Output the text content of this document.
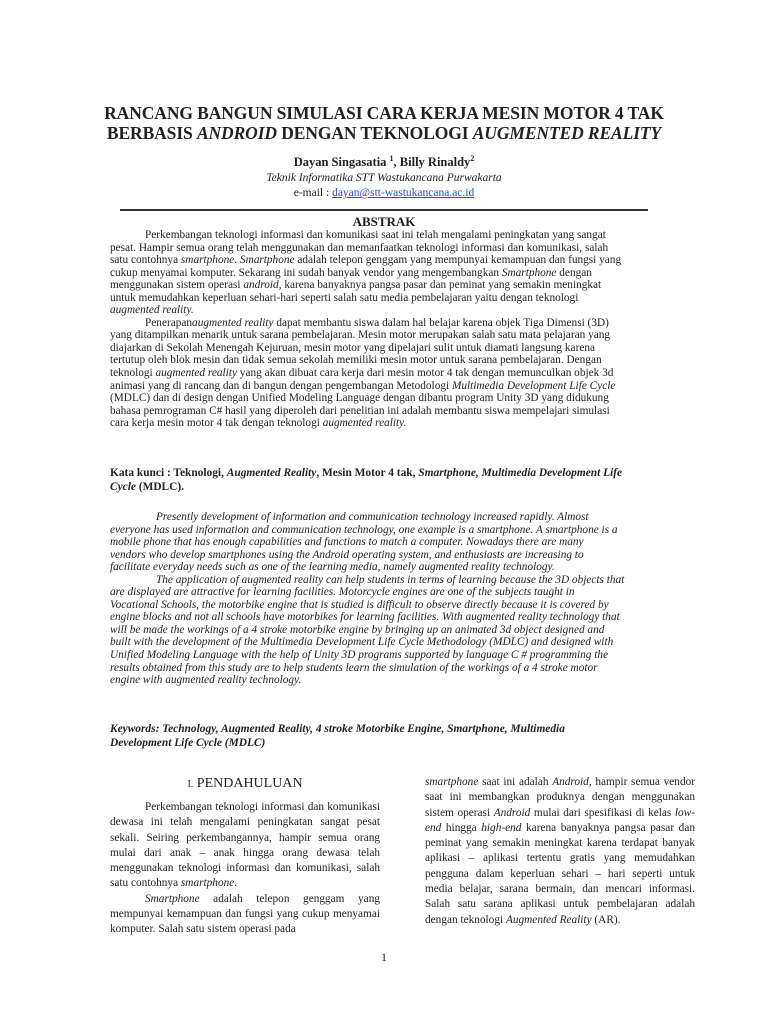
RANCANG BANGUN SIMULASI CARA KERJA MESIN MOTOR 4 TAK
BERBASIS ANDROID DENGAN TEKNOLOGI AUGMENTED REALITY
Dayan Singasatia $^1$, Billy Rinaldy$^2$
Teknik Informatika STT Wastukancana Purwakarta
e-mail : dayan@stt-wastukancana.ac.id
ABSTRAK

Perkembangan teknologi informasi dan komunikasi saat ini telah mengalami peningkatan yang sangat
pesat. Hampir semua orang telah menggunakan dan memanfaatkan teknologi informasi dan komunikasi, salah
satu contohnya smartphone. Smartphone adalah telepon genggam yang mempunyai kemampuan dan fungsi yang
cukup menyamai komputer. Sekarang ini sudah banyak vendor yang mengembangkan Smartphone dengan
menggunakan sistem operasi android, karena banyaknya pangsa pasar dan peminat yang semakin meningkat
untuk memudahkan keperluan sehari-hari seperti salah satu media pembelajaran yaitu dengan teknologi
augmented reality.

Penerapanaugmented reality dapat membantu siswa dalam hal belajar karena objek Tiga Dimensi (3D)
yang ditampilkan menarik untuk sarana pembelajaran. Mesin motor merupakan salah satu mata pelajaran yang
diajarkan di Sekolah Menengah Kejuruan, mesin motor yang dipelajari sulit untuk diamati langsung karena
tertutup oleh blok mesin dan tidak semua sekolah memiliki mesin motor untuk sarana pembelajaran. Dengan
teknologi augmented reality yang akan dibuat cara kerja dari mesin motor 4 tak dengan memunculkan objek 3d
animasi yang di rancang dan di bangun dengan pengembangan Metodologi Multimedia Development Life Cycle
(MDLC) dan di design dengan Unified Modeling Language dengan dibantu program Unity 3D yang didukung
bahasa pemrograman C# hasil yang diperoleh dari penelitian ini adalah membantu siswa mempelajari simulasi
cara kerja mesin motor 4 tak dengan teknologi augmented reality.

Kata kunci : Teknologi, Augmented Reality, Mesin Motor 4 tak, Smartphone, Multimedia Development Life
Cycle (MDLC).

Presently development of information and communication technology increased rapidly. Almost
everyone has used information and communication technology, one example is a smartphone. A smartphone is a
mobile phone that has enough capabilities and functions to match a computer. Nowadays there are many
vendors who develop smartphones using the Android operating system, and enthusiasts are increasing to
facilitate everyday needs such as one of the learning media, namely augmented reality technology.

The application of augmented reality can help students in terms of learning because the 3D objects that
are displayed are attractive for learning facilities. Motorcycle engines are one of the subjects taught in
Vocational Schools, the motorbike engine that is studied is difficult to observe directly because it is covered by
engine blocks and not all schools have motorbikes for learning facilities. With augmented reality technology that
will be made the workings of a 4 stroke motorbike engine by bringing up an animated 3d object designed and
built with the development of the Multimedia Development Life Cycle Methodology (MDLC) and designed with
Unified Modeling Language with the help of Unity 3D programs supported by language C # programming the
results obtained from this study are to help students learn the simulation of the workings of a 4 stroke motor
engine with augmented reality technology.

Keywords: Technology, Augmented Reality, 4 stroke Motorbike Engine, Smartphone, Multimedia
Development Life Cycle (MDLC)
I. PENDAHULUAN

Perkembangan teknologi informasi dan komunikasi dewasa ini telah mengalami peningkatan sangat pesat sekali. Seiring perkembangannya, hampir semua orang mulai dari anak – anak hingga orang dewasa telah menggunakan teknologi informasi dan komunikasi, salah satu contohnya smartphone.

Smartphone adalah telepon genggam yang mempunyai kemampuan dan fungsi yang cukup menyamai komputer. Salah satu sistem operasi pada

smartphone saat ini adalah Android, hampir semua vendor saat ini membangkan produknya dengan menggunakan sistem operasi Android mulai dari spesifikasi di kelas low-end hingga high-end karena banyaknya pangsa pasar dan peminat yang semakin meningkat karena terdapat banyak aplikasi – aplikasi tertentu gratis yang memudahkan pengguna dalam keperluan sehari – hari seperti untuk media belajar, sarana bermain, dan mencari informasi. Salah satu sarana aplikasi untuk pembelajaran adalah dengan teknologi Augmented Reality (AR).

1
